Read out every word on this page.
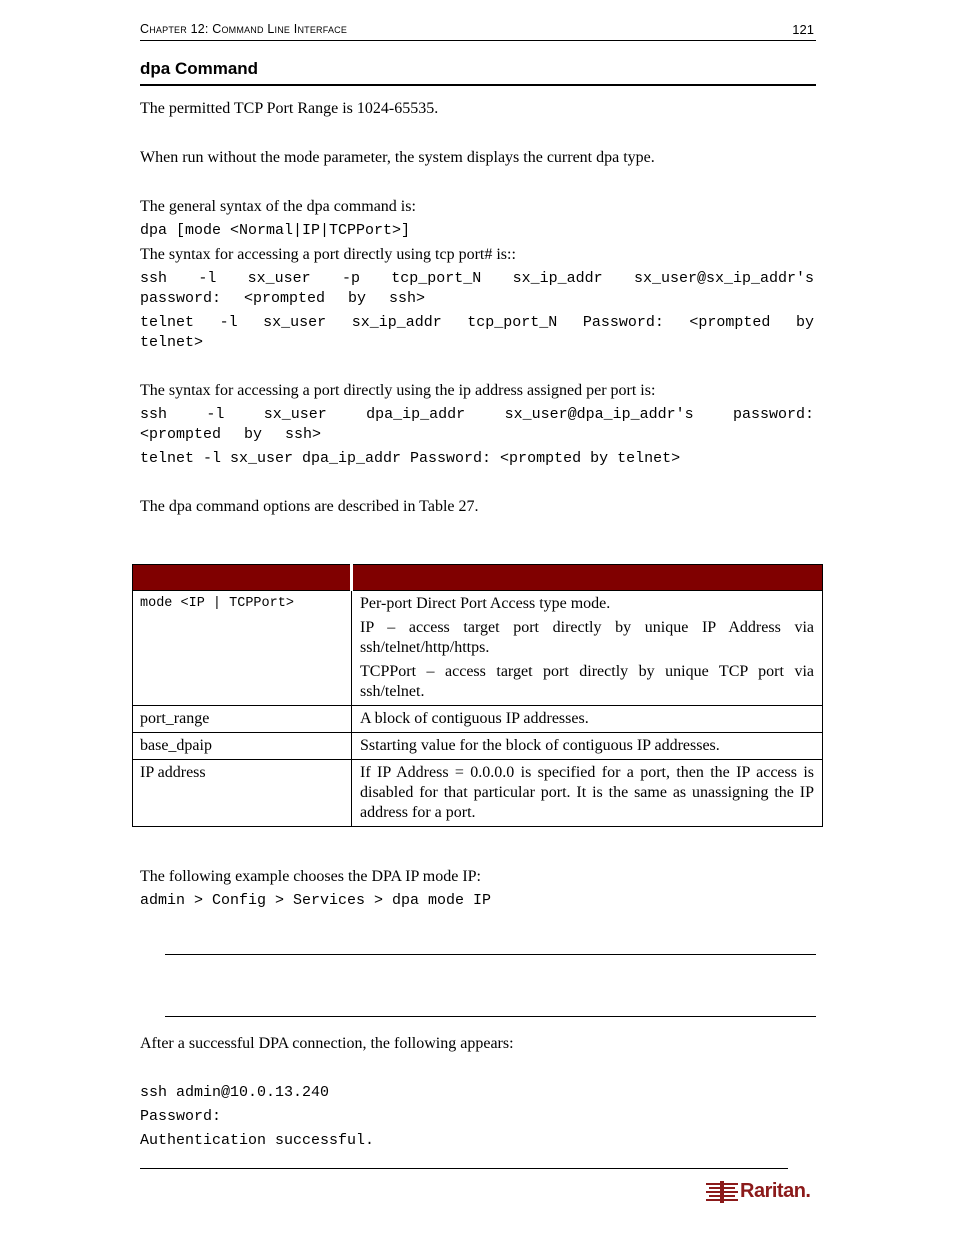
Chapter 12: Command Line Interface	121
dpa Command
The permitted TCP Port Range is 1024-65535.
When run without the mode parameter, the system displays the current dpa type.
The general syntax of the dpa command is:
dpa [mode <Normal|IP|TCPPort>]
The syntax for accessing a port directly using tcp port# is::
ssh -l sx_user -p tcp_port_N sx_ip_addr sx_user@sx_ip_addr's password: <prompted by ssh>
telnet -l sx_user sx_ip_addr tcp_port_N Password: <prompted by telnet>
The syntax for accessing a port directly using the ip address assigned per port is:
ssh -l sx_user dpa_ip_addr sx_user@dpa_ip_addr's password: <prompted by ssh>
telnet -l sx_user dpa_ip_addr Password: <prompted by telnet>
The dpa command options are described in Table 27.

mode <IP | TCPPort>	Per-port Direct Port Access type mode.

IP – access target port directly by unique IP Address via ssh/telnet/http/https.

TCPPort – access target port directly by unique TCP port via ssh/telnet.

port_range	A block of contiguous IP addresses.

base_dpaip	Sstarting value for the block of contiguous IP addresses.

IP address	If IP Address = 0.0.0.0 is specified for a port, then the IP access is disabled for that particular port. It is the same as unassigning the IP address for a port.

The following example chooses the DPA IP mode IP:
admin > Config > Services > dpa mode IP
After a successful DPA connection, the following appears:
ssh admin@10.0.13.240
Password:
Authentication successful.
Raritan.
